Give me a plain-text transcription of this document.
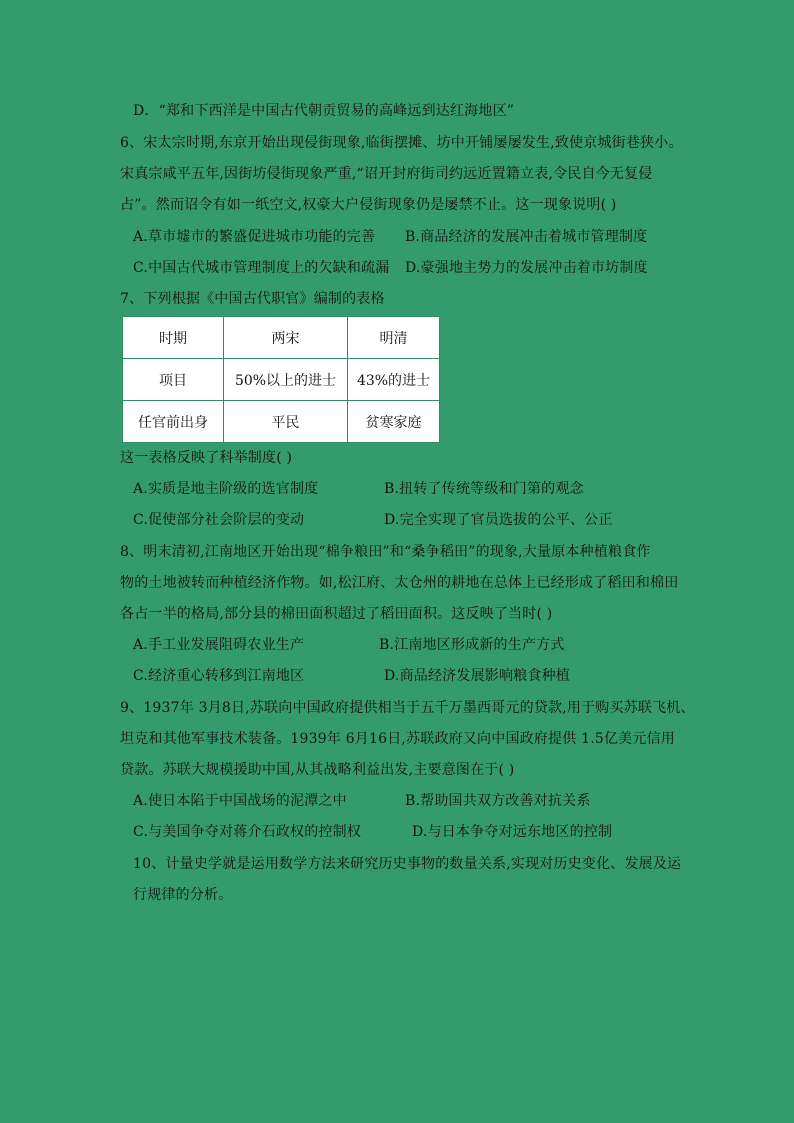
D．“郑和下西洋是中国古代朝贡贸易的高峰远到达红海地区”
6、宋太宗时期,东京开始出现侵街现象,临街摆摊、坊中开铺屡屡发生,致使京城街巷狭小。
宋真宗咸平五年,因街坊侵街现象严重,“诏开封府街司约远近置籍立表,令民自今无复侵
占”。然而诏令有如一纸空文,权豪大户侵街现象仍是屡禁不止。这一现象说明( )
A.草市墟市的繁盛促进城市功能的完善 B.商品经济的发展冲击着城市管理制度
C.中国古代城市管理制度上的欠缺和疏漏 D.豪强地主势力的发展冲击着市坊制度
7、下列根据《中国古代职官》编制的表格
时期	两宋	明清
项目	50%以上的进士	43%的进士
任官前出身	平民	贫寒家庭
这一表格反映了科举制度( )
A.实质是地主阶级的选官制度	B.扭转了传统等级和门第的观念
C.促使部分社会阶层的变动	D.完全实现了官员选拔的公平、公正
8、明末清初,江南地区开始出现“棉争粮田”和“桑争稻田”的现象,大量原本种植粮食作
物的土地被转而种植经济作物。如,松江府、太仓州的耕地在总体上已经形成了稻田和棉田
各占一半的格局,部分县的棉田面积超过了稻田面积。这反映了当时( )
A.手工业发展阻碍农业生产	B.江南地区形成新的生产方式
C.经济重心转移到江南地区	D.商品经济发展影响粮食种植
9、1937年 3月8日,苏联向中国政府提供相当于五千万墨西哥元的贷款,用于购买苏联飞机、
坦克和其他军事技术装备。1939年 6月16日,苏联政府又向中国政府提供 1.5亿美元信用
贷款。苏联大规模援助中国,从其战略利益出发,主要意图在于( )
A.使日本陷于中国战场的泥潭之中	B.帮助国共双方改善对抗关系
C.与美国争夺对蒋介石政权的控制权	D.与日本争夺对远东地区的控制
10、计量史学就是运用数学方法来研究历史事物的数量关系,实现对历史变化、发展及运
行规律的分析。
